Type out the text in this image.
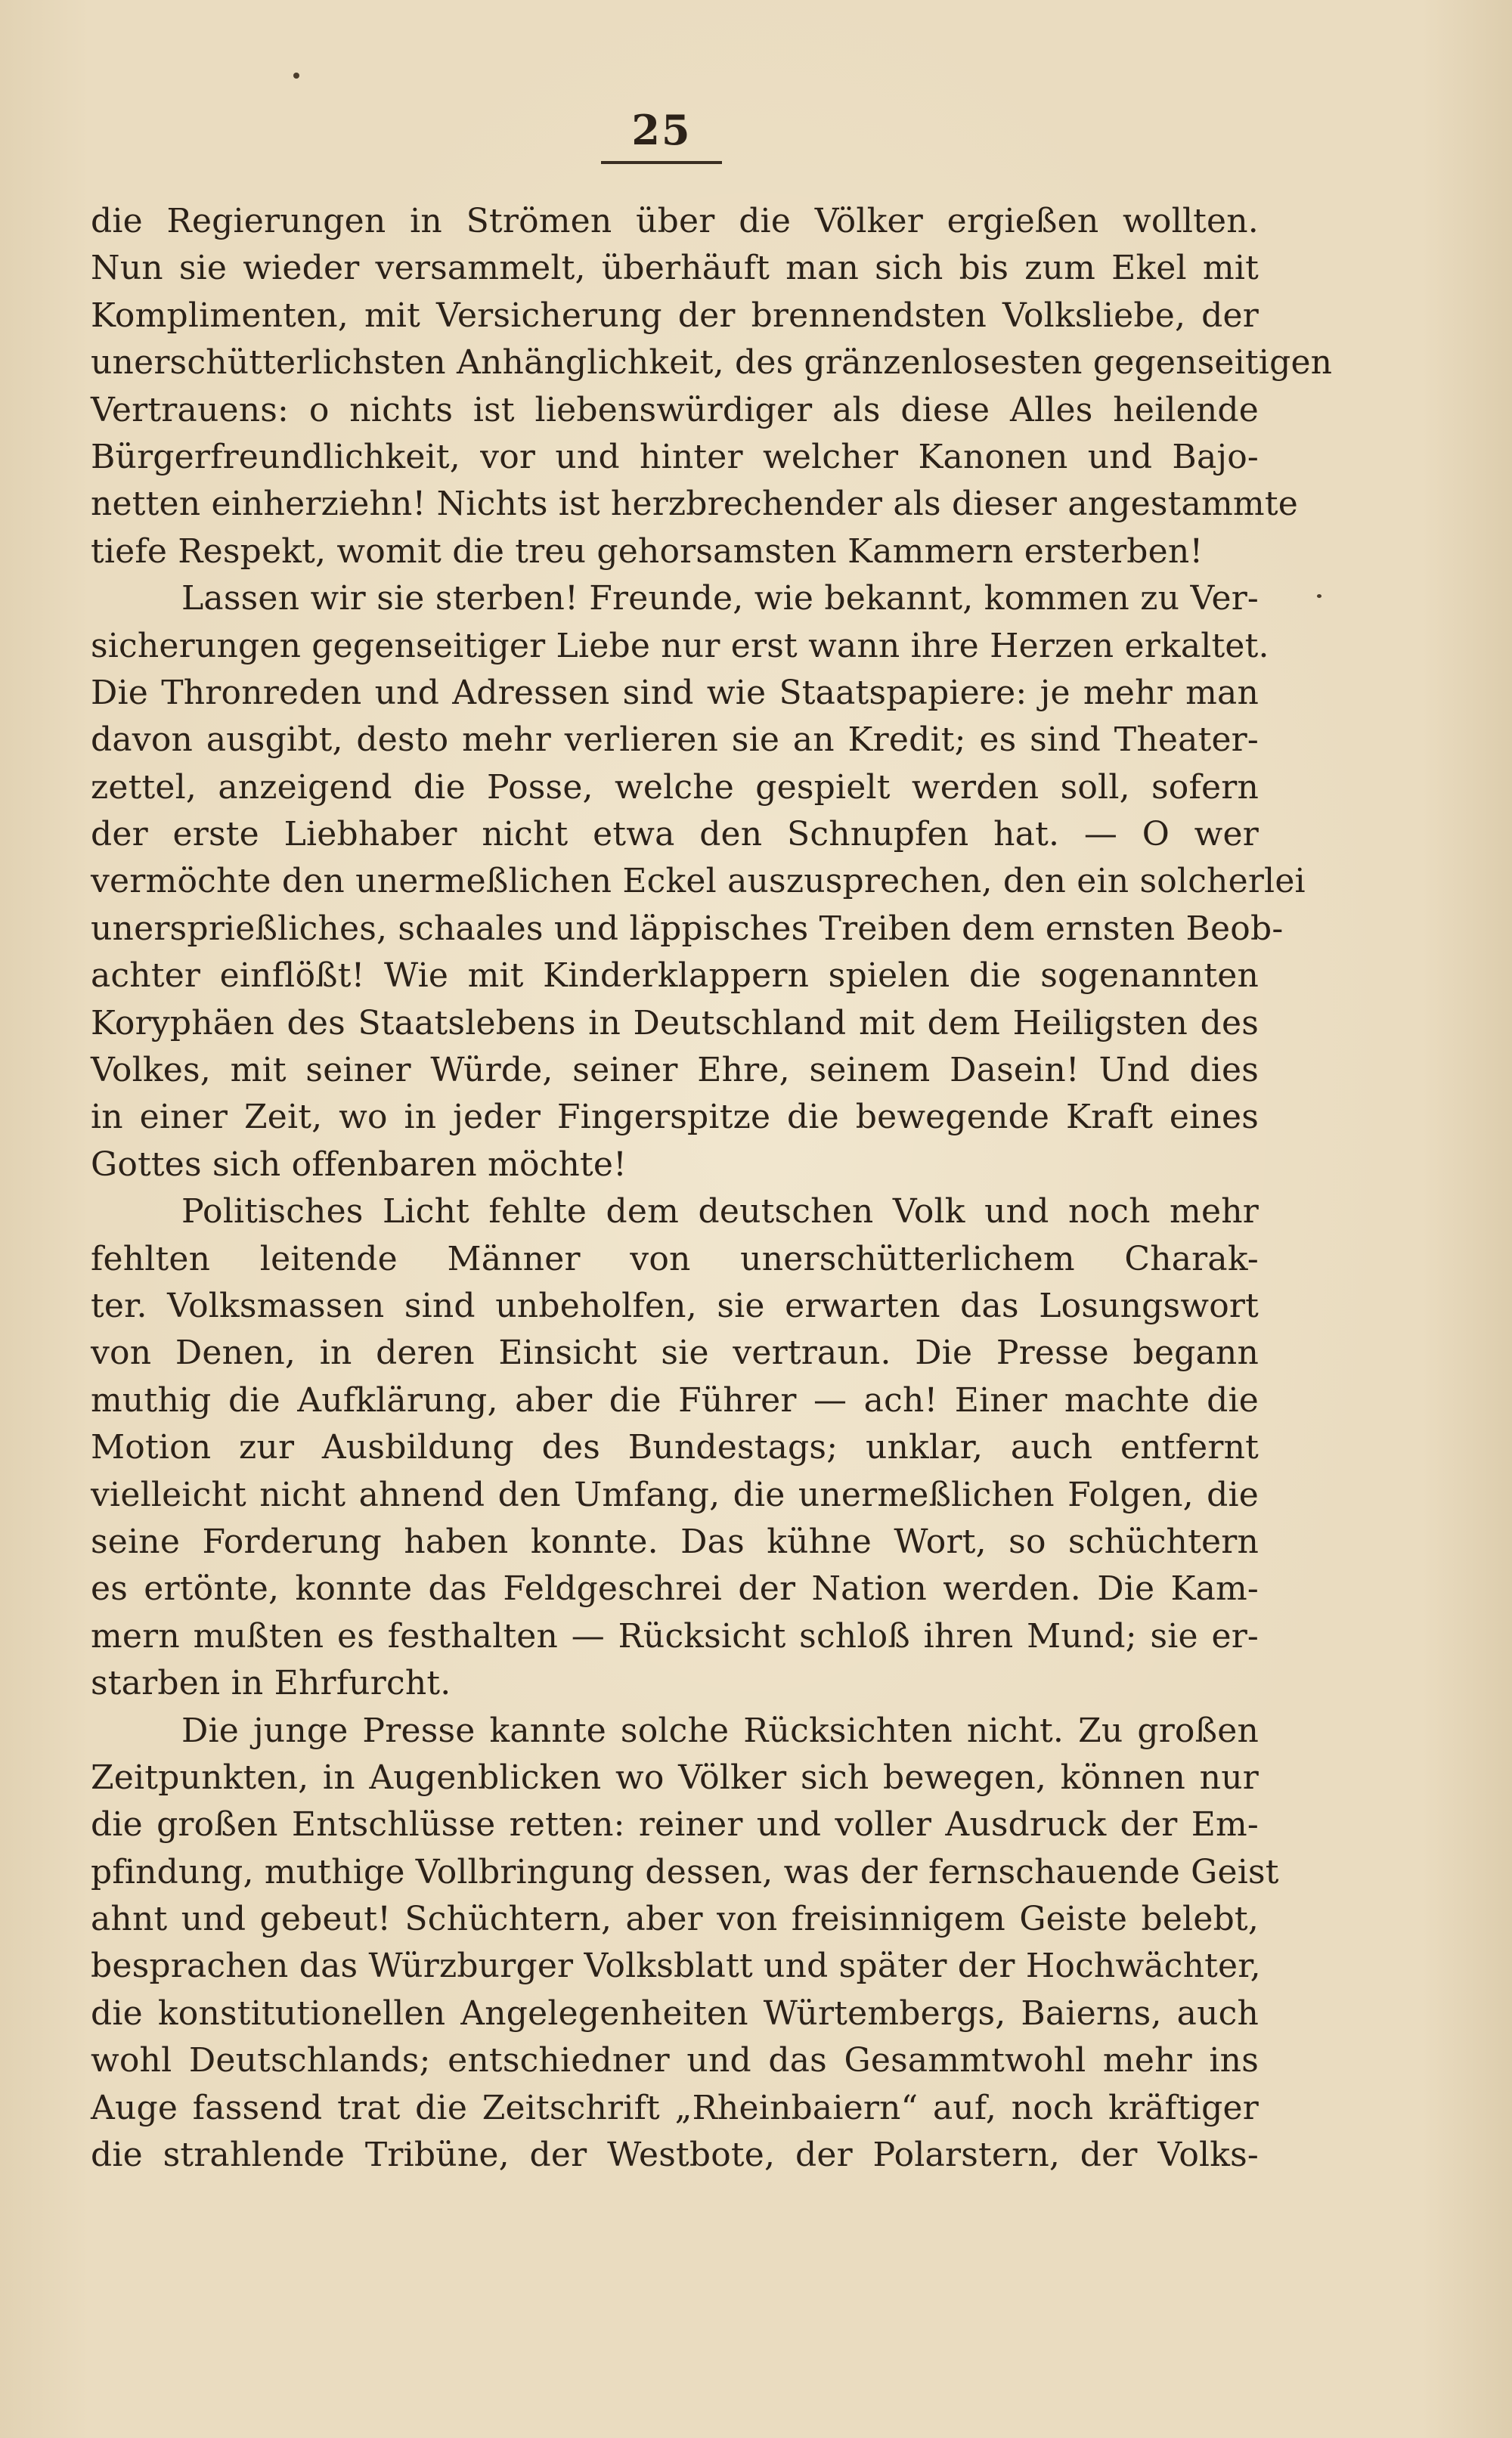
25
die Regierungen in Strömen über die Völker ergießen wollten.
Nun sie wieder versammelt, überhäuft man sich bis zum Ekel mit
Komplimenten, mit Versicherung der brennendsten Volksliebe, der
unerschütterlichsten Anhänglichkeit, des gränzenlosesten gegenseitigen
Vertrauens: o nichts ist liebenswürdiger als diese Alles heilende
Bürgerfreundlichkeit, vor und hinter welcher Kanonen und Bajo-
netten einherziehn! Nichts ist herzbrechender als dieser angestammte
tiefe Respekt, womit die treu gehorsamsten Kammern ersterben!
Lassen wir sie sterben! Freunde, wie bekannt, kommen zu Ver-
sicherungen gegenseitiger Liebe nur erst wann ihre Herzen erkaltet.
Die Thronreden und Adressen sind wie Staatspapiere: je mehr man
davon ausgibt, desto mehr verlieren sie an Kredit; es sind Theater-
zettel, anzeigend die Posse, welche gespielt werden soll, sofern
der erste Liebhaber nicht etwa den Schnupfen hat. — O wer
vermöchte den unermeßlichen Eckel auszusprechen, den ein solcherlei
unersprießliches, schaales und läppisches Treiben dem ernsten Beob-
achter einflößt! Wie mit Kinderklappern spielen die sogenannten
Koryphäen des Staatslebens in Deutschland mit dem Heiligsten des
Volkes, mit seiner Würde, seiner Ehre, seinem Dasein! Und dies
in einer Zeit, wo in jeder Fingerspitze die bewegende Kraft eines
Gottes sich offenbaren möchte!
Politisches Licht fehlte dem deutschen Volk und noch mehr
fehlten leitende Männer von unerschütterlichem Charak-
ter. Volksmassen sind unbeholfen, sie erwarten das Losungswort
von Denen, in deren Einsicht sie vertraun. Die Presse begann
muthig die Aufklärung, aber die Führer — ach! Einer machte die
Motion zur Ausbildung des Bundestags; unklar, auch entfernt
vielleicht nicht ahnend den Umfang, die unermeßlichen Folgen, die
seine Forderung haben konnte. Das kühne Wort, so schüchtern
es ertönte, konnte das Feldgeschrei der Nation werden. Die Kam-
mern mußten es festhalten — Rücksicht schloß ihren Mund; sie er-
starben in Ehrfurcht.
Die junge Presse kannte solche Rücksichten nicht. Zu großen
Zeitpunkten, in Augenblicken wo Völker sich bewegen, können nur
die großen Entschlüsse retten: reiner und voller Ausdruck der Em-
pfindung, muthige Vollbringung dessen, was der fernschauende Geist
ahnt und gebeut! Schüchtern, aber von freisinnigem Geiste belebt,
besprachen das Würzburger Volksblatt und später der Hochwächter,
die konstitutionellen Angelegenheiten Würtembergs, Baierns, auch
wohl Deutschlands; entschiedner und das Gesammtwohl mehr ins
Auge fassend trat die Zeitschrift „Rheinbaiern“ auf, noch kräftiger
die strahlende Tribüne, der Westbote, der Polarstern, der Volks-
